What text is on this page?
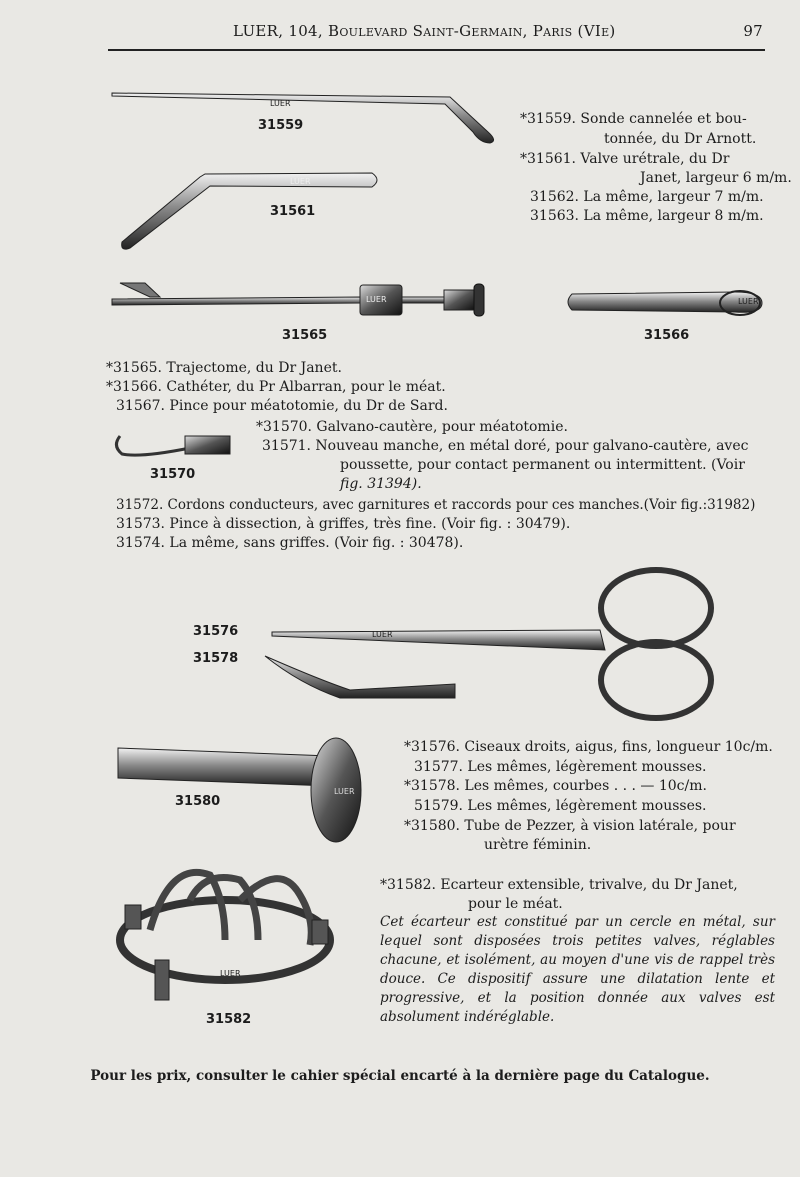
LUER, 104, Boulevard Saint-Germain, Paris (VIe)	97
LUER
LUER
LUER	LUER
LUER
LUER
LUER
31559
31561
31565	31566
31570
31576
31578
31580
31582
*31559. Sonde cannelée et bou-
tonnée, du Dr Arnott.
*31561. Valve urétrale, du Dr
Janet, largeur 6 m/m.
31562. La même, largeur 7 m/m.
31563. La même, largeur 8 m/m.
*31565. Trajectome, du Dr Janet.
*31566. Cathéter, du Pr Albarran, pour le méat.
31567. Pince pour méatotomie, du Dr de Sard.
*31570. Galvano-cautère, pour méatotomie.
31571. Nouveau manche, en métal doré, pour galvano-cautère, avec
poussette, pour contact permanent ou intermittent. (Voir
fig. 31394).
31572. Cordons conducteurs, avec garnitures et raccords pour ces manches.(Voir fig.:31982)
31573. Pince à dissection, à griffes, très fine. (Voir fig. : 30479).
31574. La même, sans griffes. (Voir fig. : 30478).
*31576. Ciseaux droits, aigus, fins, longueur 10c/m.
31577. Les mêmes, légèrement mousses.
*31578. Les mêmes, courbes . . . — 10c/m.
51579. Les mêmes, légèrement mousses.
*31580. Tube de Pezzer, à vision latérale, pour
urètre féminin.
*31582. Ecarteur extensible, trivalve, du Dr Janet,
pour le méat.
Cet écarteur est constitué par un cercle en métal, sur lequel sont disposées trois petites valves, réglables chacune, et isolément, au moyen d'une vis de rappel très douce. Ce dispositif assure une dilatation lente et progressive, et la position donnée aux valves est absolument indéréglable.
Pour les prix, consulter le cahier spécial encarté à la dernière page du Catalogue.
